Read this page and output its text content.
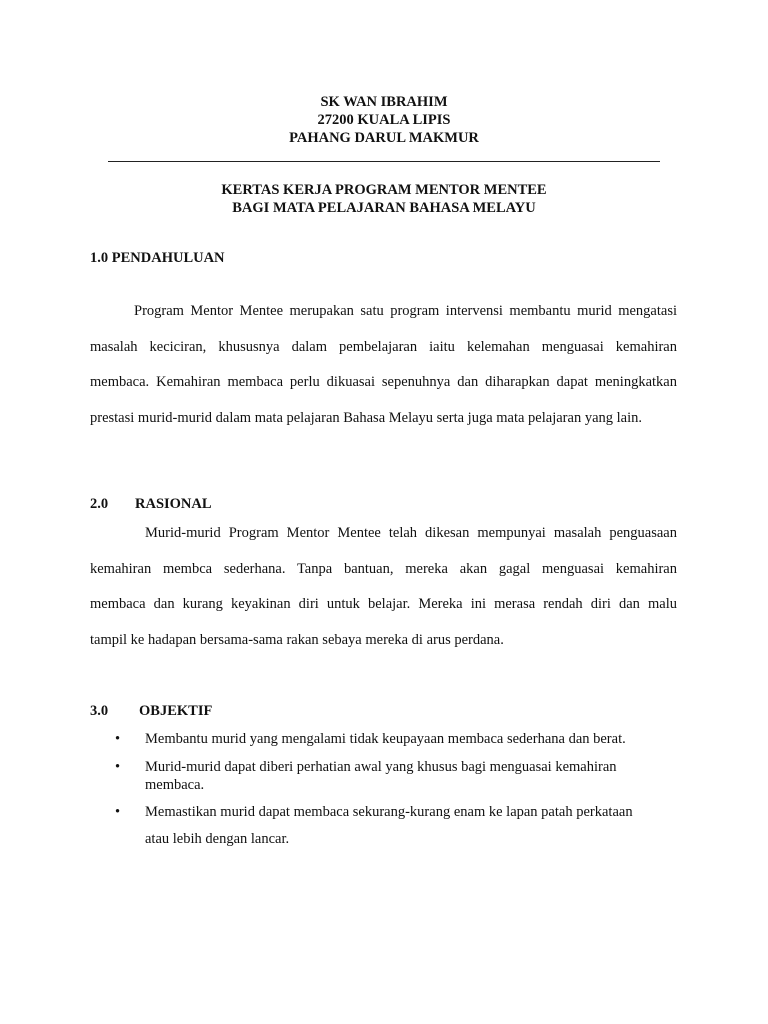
SK WAN IBRAHIM
27200 KUALA LIPIS
PAHANG DARUL MAKMUR
KERTAS KERJA PROGRAM MENTOR MENTEE
BAGI MATA PELAJARAN BAHASA MELAYU
1.0 PENDAHULUAN
Program Mentor Mentee merupakan satu program intervensi membantu murid mengatasi
masalah keciciran, khususnya dalam pembelajaran iaitu kelemahan menguasai kemahiran
membaca. Kemahiran membaca perlu dikuasai sepenuhnya dan diharapkan dapat meningkatkan
prestasi murid-murid dalam mata pelajaran Bahasa Melayu serta juga mata pelajaran yang lain.
2.0 RASIONAL
Murid-murid Program Mentor Mentee telah dikesan mempunyai masalah penguasaan
kemahiran membca sederhana. Tanpa bantuan, mereka akan gagal menguasai kemahiran
membaca dan kurang keyakinan diri untuk belajar. Mereka ini merasa rendah diri dan malu
tampil ke hadapan bersama-sama rakan sebaya mereka di arus perdana.
3.0 OBJEKTIF
• Membantu murid yang mengalami tidak keupayaan membaca sederhana dan berat.
• Murid-murid dapat diberi perhatian awal yang khusus bagi menguasai kemahiran
membaca.
• Memastikan murid dapat membaca sekurang-kurang enam ke lapan patah perkataan
atau lebih dengan lancar.
